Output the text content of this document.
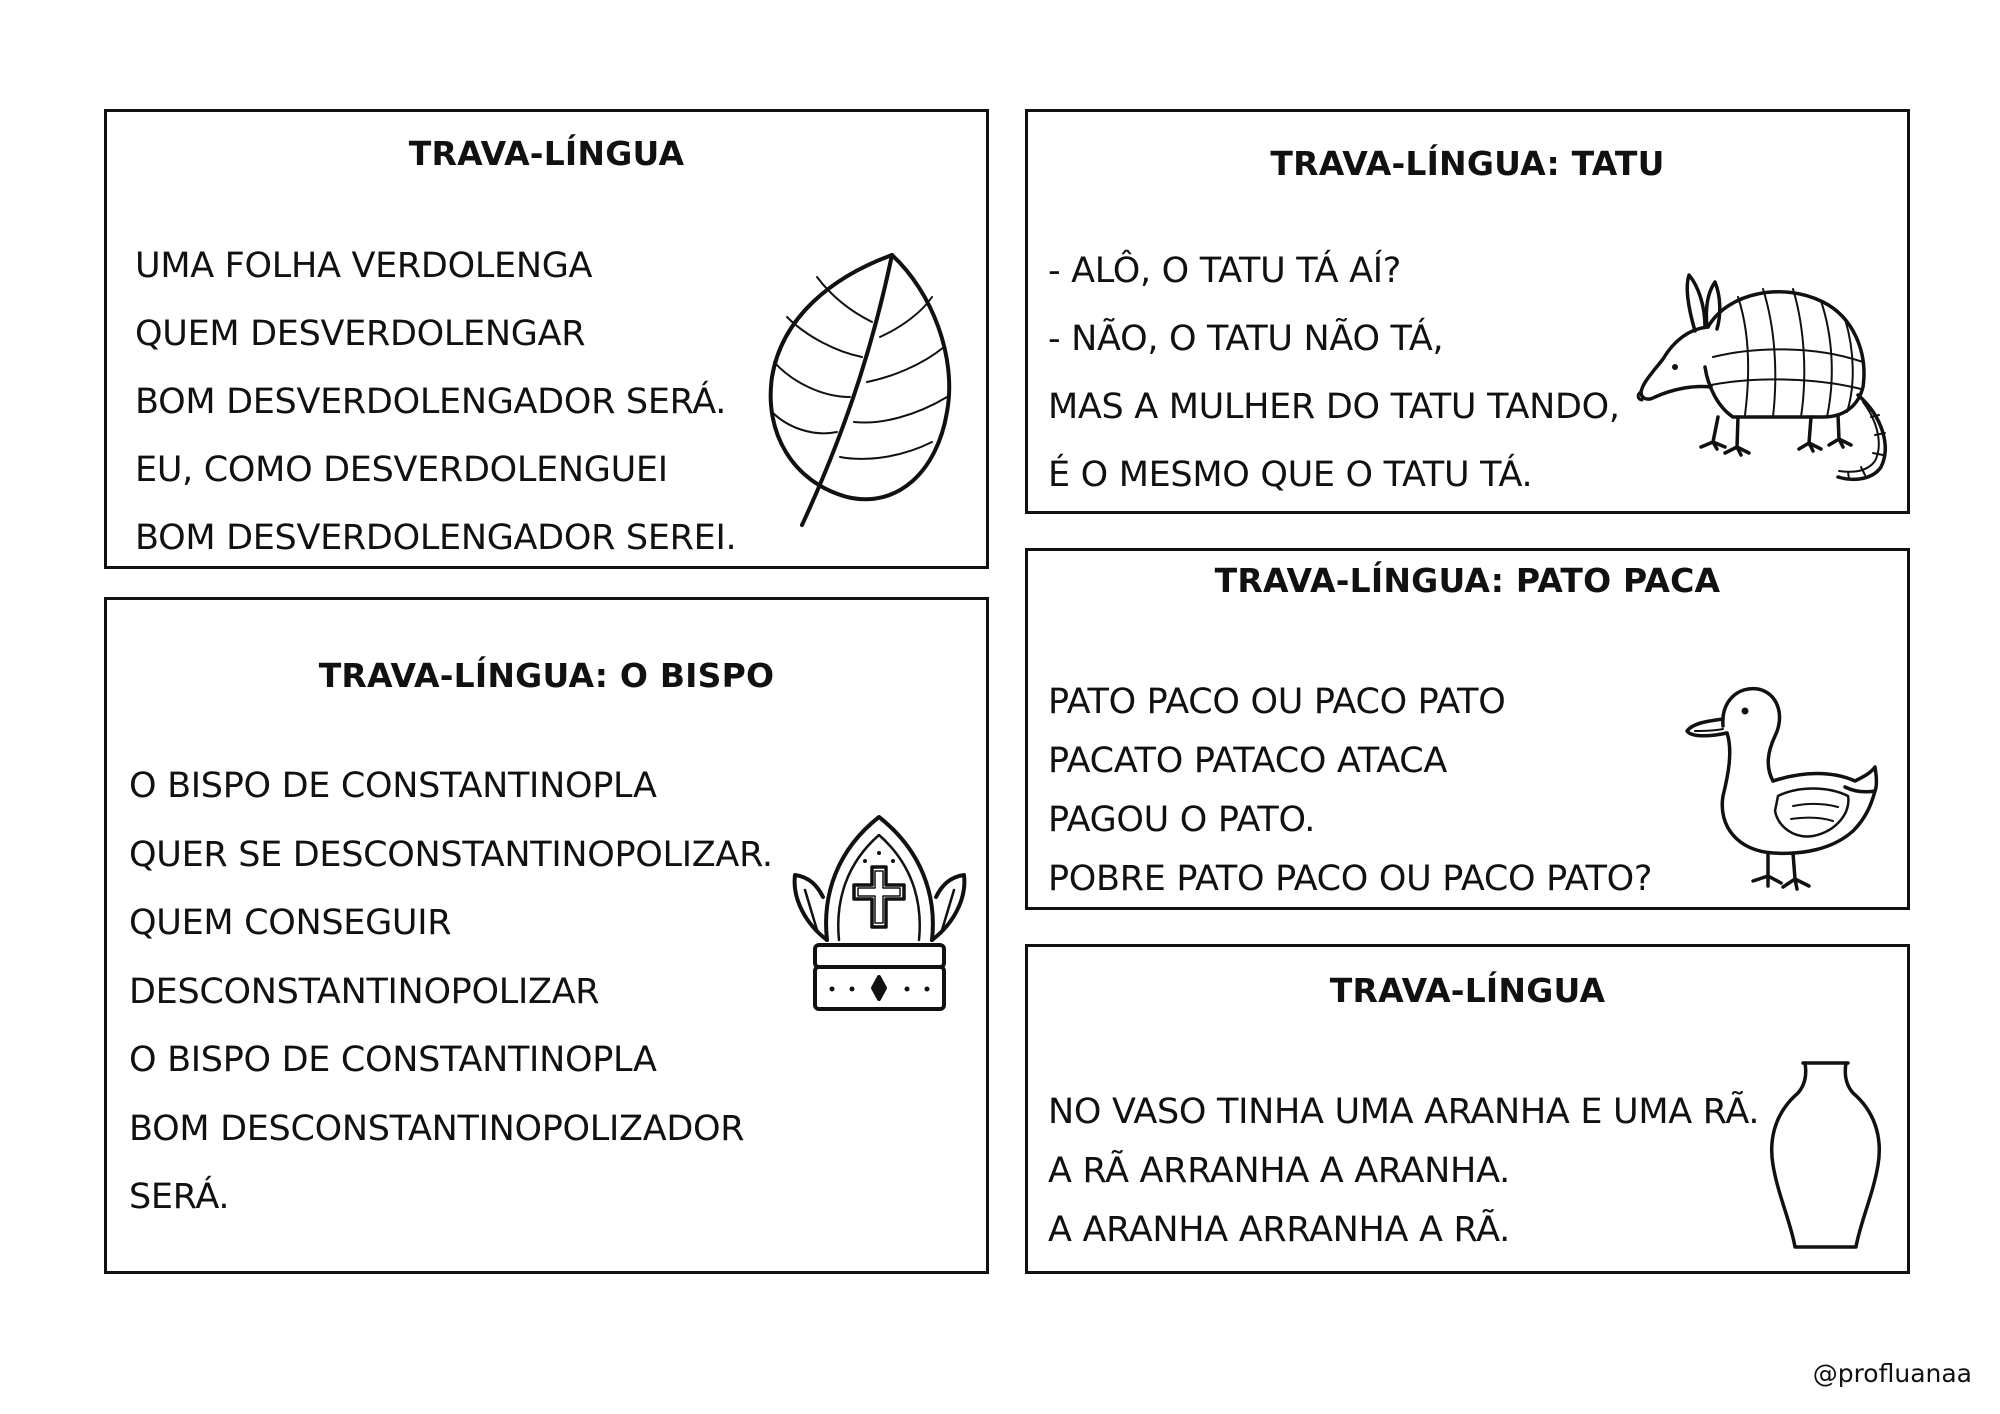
TRAVA-LÍNGUA
UMA FOLHA VERDOLENGA
QUEM DESVERDOLENGAR
BOM DESVERDOLENGADOR SERÁ.
EU, COMO DESVERDOLENGUEI
BOM DESVERDOLENGADOR SEREI.
TRAVA-LÍNGUA: O BISPO
O BISPO DE CONSTANTINOPLA
QUER SE DESCONSTANTINOPOLIZAR.
QUEM CONSEGUIR
DESCONSTANTINOPOLIZAR
O BISPO DE CONSTANTINOPLA
BOM DESCONSTANTINOPOLIZADOR
SERÁ.
TRAVA-LÍNGUA: TATU
- ALÔ, O TATU TÁ AÍ?
- NÃO, O TATU NÃO TÁ,
MAS A MULHER DO TATU TANDO,
É O MESMO QUE O TATU TÁ.
TRAVA-LÍNGUA: PATO PACA
PATO PACO OU PACO PATO
PACATO PATACO ATACA
PAGOU O PATO.
POBRE PATO PACO OU PACO PATO?
TRAVA-LÍNGUA
NO VASO TINHA UMA ARANHA E UMA RÃ.
A RÃ ARRANHA A ARANHA.
A ARANHA ARRANHA A RÃ.
@profluanaa
